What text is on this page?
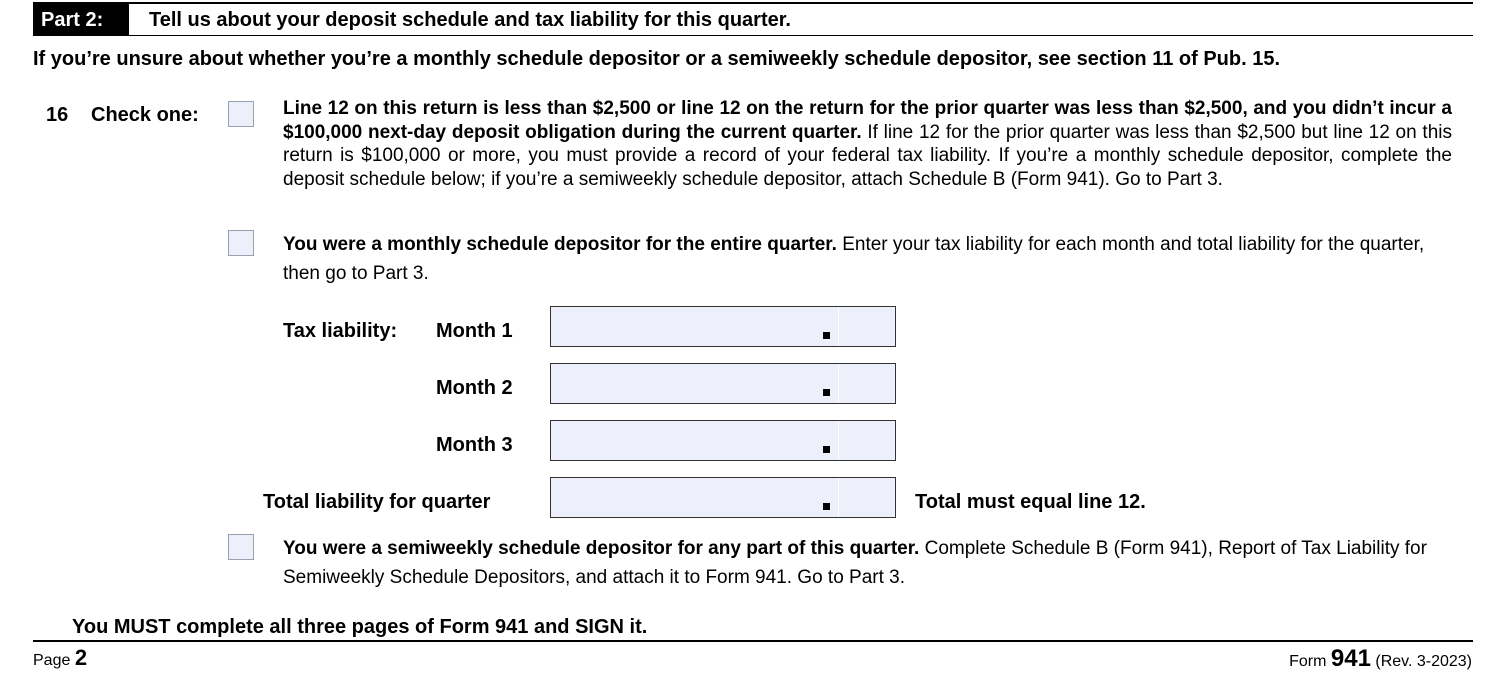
Part 2:	Tell us about your deposit schedule and tax liability for this quarter.
If you’re unsure about whether you’re a monthly schedule depositor or a semiweekly schedule depositor, see section 11 of Pub. 15.
16 Check one:	Line 12 on this return is less than $2,500 or line 12 on the return for the prior quarter was less than $2,500, and you didn’t incur a $100,000 next-day deposit obligation during the current quarter. If line 12 for the prior quarter was less than $2,500 but line 12 on this return is $100,000 or more, you must provide a record of your federal tax liability. If you’re a monthly schedule depositor, complete the deposit schedule below; if you’re a semiweekly schedule depositor, attach Schedule B (Form 941). Go to Part 3.
You were a monthly schedule depositor for the entire quarter. Enter your tax liability for each month and total liability for the quarter, then go to Part 3.
Tax liability: Month 1
Month 2
Month 3
Total liability for quarter	Total must equal line 12.
You were a semiweekly schedule depositor for any part of this quarter. Complete Schedule B (Form 941), Report of Tax Liability for Semiweekly Schedule Depositors, and attach it to Form 941. Go to Part 3.
You MUST complete all three pages of Form 941 and SIGN it.
Page 2	Form 941 (Rev. 3-2023)
